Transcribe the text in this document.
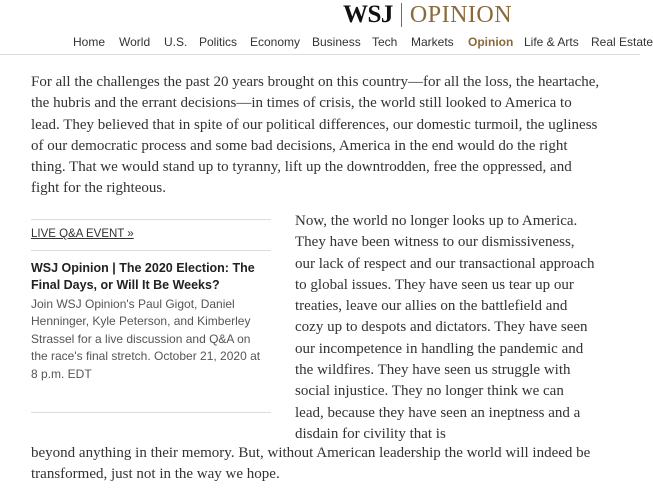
WSJ OPINION
Home World U.S. Politics Economy Business Tech Markets Opinion Life & Arts Real Estate

For all the challenges the past 20 years brought on this country—for all the loss, the heartache, the hubris and the errant decisions—in times of crisis, the world still looked to America to lead. They believed that in spite of our political differences, our domestic turmoil, the ugliness of our democratic process and some bad decisions, America in the end would do the right thing. That we would stand up to tyranny, lift up the downtrodden, free the oppressed, and fight for the righteous.

LIVE Q&A EVENT »

WSJ Opinion | The 2020 Election: The Final Days, or Will It Be Weeks?

Join WSJ Opinion's Paul Gigot, Daniel Henninger, Kyle Peterson, and Kimberley Strassel for a live discussion and Q&A on the race's final stretch. October 21, 2020 at 8 p.m. EDT

Now, the world no longer looks up to America. They have been witness to our dismissiveness, our lack of respect and our transactional approach to global issues. They have seen us tear up our treaties, leave our allies on the battlefield and cozy up to despots and dictators. They have seen our incompetence in handling the pandemic and the wildfires. They have seen us struggle with social injustice. They no longer think we can lead, because they have seen an ineptness and a disdain for civility that is

beyond anything in their memory. But, without American leadership the world will indeed be transformed, just not in the way we hope.
